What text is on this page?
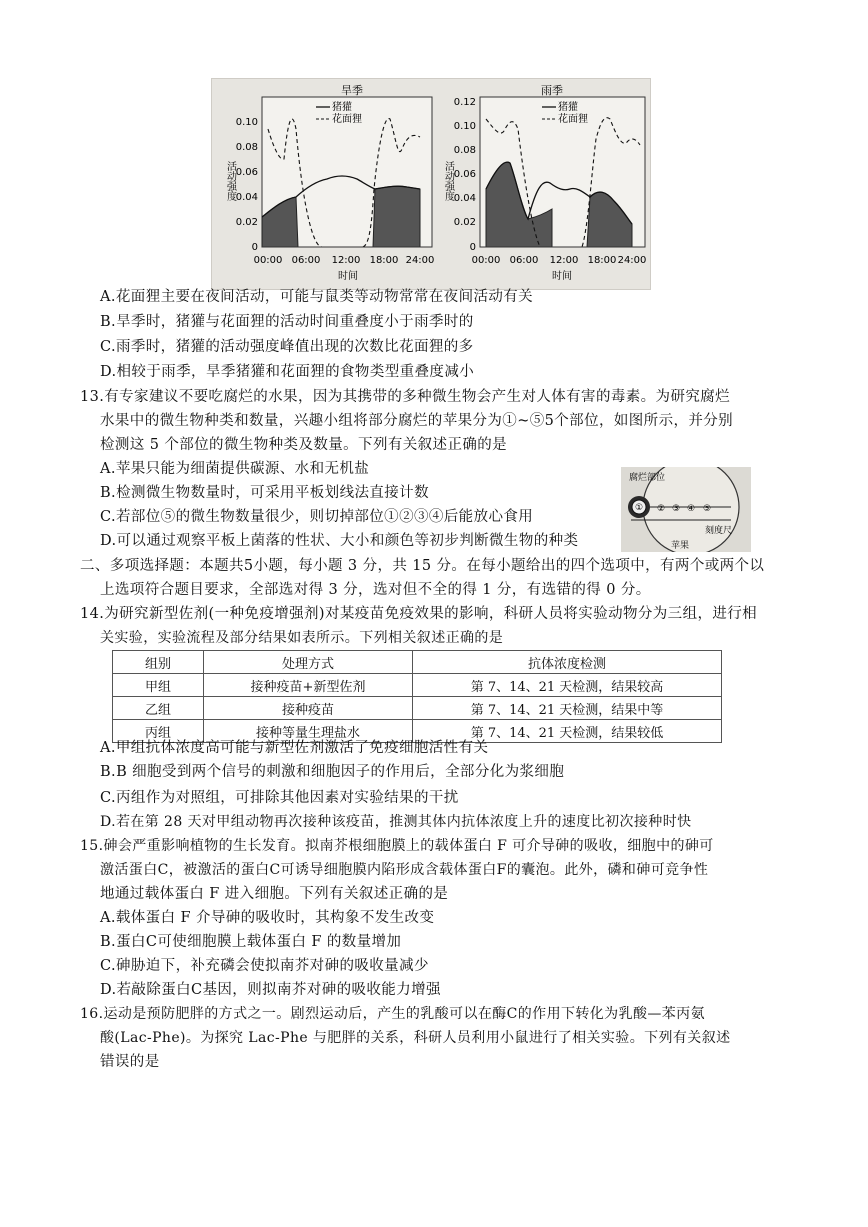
旱季
0.10
0.08
0.06
0.04
0.02
0
00:00 06:00 12:00 18:00 24:00
时间
活动强度
猪獾
花面狸
雨季
0.12
0.10
0.08
0.06
0.04
0.02
0
00:00 06:00 12:00 18:00 24:00
时间
活动强度
猪獾
花面狸
A.花面狸主要在夜间活动，可能与鼠类等动物常常在夜间活动有关
B.旱季时，猪獾与花面狸的活动时间重叠度小于雨季时的
C.雨季时，猪獾的活动强度峰值出现的次数比花面狸的多
D.相较于雨季，旱季猪獾和花面狸的食物类型重叠度减小
13.有专家建议不要吃腐烂的水果，因为其携带的多种微生物会产生对人体有害的毒素。为研究腐烂
水果中的微生物种类和数量，兴趣小组将部分腐烂的苹果分为①~⑤5个部位，如图所示，并分别
检测这 5 个部位的微生物种类及数量。下列有关叙述正确的是
A.苹果只能为细菌提供碳源、水和无机盐
B.检测微生物数量时，可采用平板划线法直接计数
C.若部位⑤的微生物数量很少，则切掉部位①②③④后能放心食用
D.可以通过观察平板上菌落的性状、大小和颜色等初步判断微生物的种类
① ② ③ ④ ⑤
腐烂部位
刻度尺
苹果
二、多项选择题：本题共5小题，每小题 3 分，共 15 分。在每小题给出的四个选项中，有两个或两个以
上选项符合题目要求，全部选对得 3 分，选对但不全的得 1 分，有选错的得 0 分。
14.为研究新型佐剂(一种免疫增强剂)对某疫苗免疫效果的影响，科研人员将实验动物分为三组，进行相
关实验，实验流程及部分结果如表所示。下列相关叙述正确的是
组别	处理方式	抗体浓度检测
甲组	接种疫苗+新型佐剂	第 7、14、21 天检测，结果较高
乙组	接种疫苗	第 7、14、21 天检测，结果中等
丙组	接种等量生理盐水	第 7、14、21 天检测，结果较低
A.甲组抗体浓度高可能与新型佐剂激活了免疫细胞活性有关
B.B 细胞受到两个信号的刺激和细胞因子的作用后，全部分化为浆细胞
C.丙组作为对照组，可排除其他因素对实验结果的干扰
D.若在第 28 天对甲组动物再次接种该疫苗，推测其体内抗体浓度上升的速度比初次接种时快
15.砷会严重影响植物的生长发育。拟南芥根细胞膜上的载体蛋白 F 可介导砷的吸收，细胞中的砷可
激活蛋白C，被激活的蛋白C可诱导细胞膜内陷形成含载体蛋白F的囊泡。此外，磷和砷可竞争性
地通过载体蛋白 F 进入细胞。下列有关叙述正确的是
A.载体蛋白 F 介导砷的吸收时，其构象不发生改变
B.蛋白C可使细胞膜上载体蛋白 F 的数量增加
C.砷胁迫下，补充磷会使拟南芥对砷的吸收量减少
D.若敲除蛋白C基因，则拟南芥对砷的吸收能力增强
16.运动是预防肥胖的方式之一。剧烈运动后，产生的乳酸可以在酶C的作用下转化为乳酸—苯丙氨
酸(Lac-Phe)。为探究 Lac-Phe 与肥胖的关系，科研人员利用小鼠进行了相关实验。下列有关叙述
错误的是
